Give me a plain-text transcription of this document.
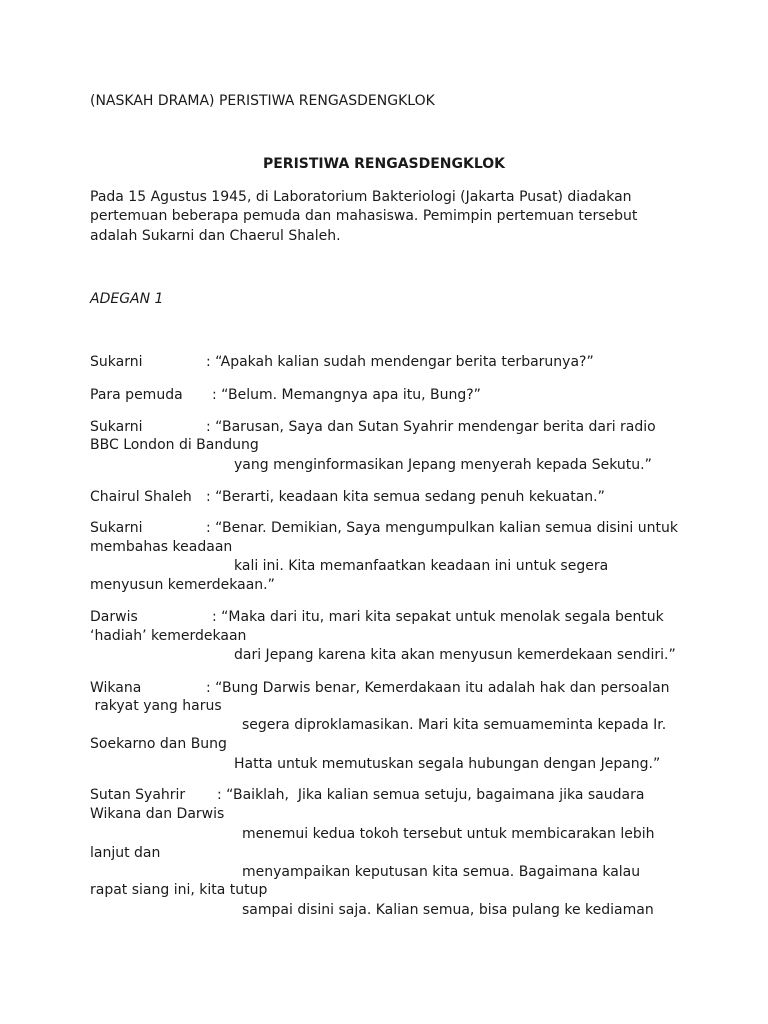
(NASKAH DRAMA) PERISTIWA RENGASDENGKLOK
PERISTIWA RENGASDENGKLOK
Pada 15 Agustus 1945, di Laboratorium Bakteriologi (Jakarta Pusat) diadakan
pertemuan beberapa pemuda dan mahasiswa. Pemimpin pertemuan tersebut
adalah Sukarni dan Chaerul Shaleh.
ADEGAN 1
Sukarni	: “Apakah kalian sudah mendengar berita terbarunya?”
Para pemuda : “Belum. Memangnya apa itu, Bung?”
Sukarni	: “Barusan, Saya dan Sutan Syahrir mendengar berita dari radio
BBC London di Bandung
yang menginformasikan Jepang menyerah kepada Sekutu.”
Chairul Shaleh : “Berarti, keadaan kita semua sedang penuh kekuatan.”
Sukarni	: “Benar. Demikian, Saya mengumpulkan kalian semua disini untuk
membahas keadaan
kali ini. Kita memanfaatkan keadaan ini untuk segera
menyusun kemerdekaan.”
Darwis	: “Maka dari itu, mari kita sepakat untuk menolak segala bentuk
‘hadiah’ kemerdekaan
dari Jepang karena kita akan menyusun kemerdekaan sendiri.”
Wikana	: “Bung Darwis benar, Kemerdakaan itu adalah hak dan persoalan
rakyat yang harus
segera diproklamasikan. Mari kita semuameminta kepada Ir.
Soekarno dan Bung
Hatta untuk memutuskan segala hubungan dengan Jepang.”
Sutan Syahrir : “Baiklah,  Jika kalian semua setuju, bagaimana jika saudara
Wikana dan Darwis
menemui kedua tokoh tersebut untuk membicarakan lebih
lanjut dan
menyampaikan keputusan kita semua. Bagaimana kalau
rapat siang ini, kita tutup
sampai disini saja. Kalian semua, bisa pulang ke kediaman
